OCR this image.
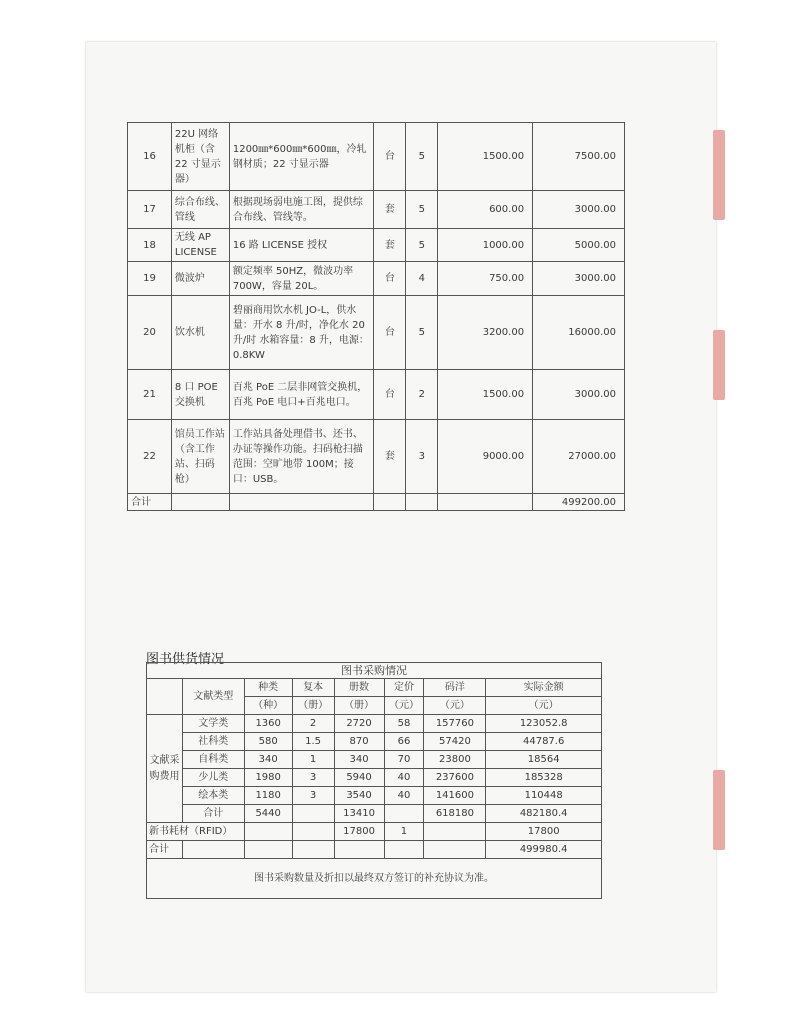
16	22U 网络机柜（含22 寸显示器）	1200㎜*600㎜*600㎜，冷轧钢材质；22 寸显示器	台	5	1500.00	7500.00
17	综合布线、管线	根据现场弱电施工图，提供综合布线、管线等。	套	5	600.00	3000.00
18	无线 AP LICENSE	16 路 LICENSE 授权	套	5	1000.00	5000.00
19	微波炉	额定频率 50HZ，微波功率 700W，容量 20L。	台	4	750.00	3000.00
20	饮水机	碧丽商用饮水机 JO-L，供水量：开水 8 升/时，净化水 20 升/时 水箱容量：8 升，电源：0.8KW	台	5	3200.00	16000.00
21	8 口 POE 交换机	百兆 PoE 二层非网管交换机，百兆 PoE 电口+百兆电口。	台	2	1500.00	3000.00
22	馆员工作站（含工作站、扫码枪）	工作站具备处理借书、还书、办证等操作功能。扫码枪扫描范围：空旷地带 100M；接口：USB。	套	3	9000.00	27000.00
合计						499200.00
图书供货情况
图书采购情况							
	文献类型	种类	复本	册数	定价	码洋	实际金额
		（种）	（册）	（册）	（元）	（元）	（元）
文献采购费用	文学类	1360	2	2720	58	157760	123052.8
	社科类	580	1.5	870	66	57420	44787.6
	自科类	340	1	340	70	23800	18564
	少儿类	1980	3	5940	40	237600	185328
	绘本类	1180	3	3540	40	141600	110448
	合计	5440		13410		618180	482180.4
新书耗材（RFID）				17800	1		17800
合计							499980.4
图书采购数量及折扣以最终双方签订的补充协议为准。							
